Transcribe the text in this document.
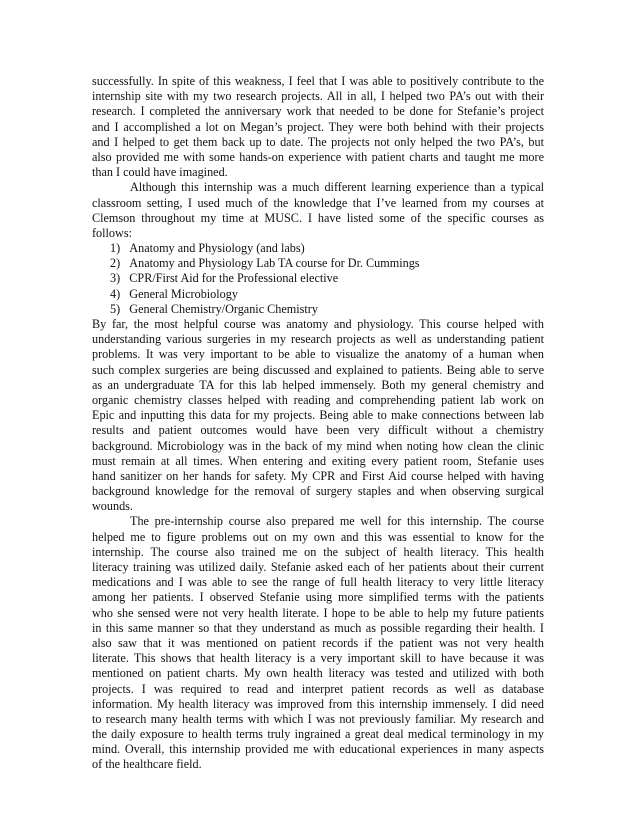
successfully. In spite of this weakness, I feel that I was able to positively contribute to the
internship site with my two research projects. All in all, I helped two PA’s out with their
research. I completed the anniversary work that needed to be done for Stefanie’s project
and I accomplished a lot on Megan’s project. They were both behind with their projects
and I helped to get them back up to date. The projects not only helped the two PA’s, but
also provided me with some hands-on experience with patient charts and taught me more
than I could have imagined.
Although this internship was a much different learning experience than a typical
classroom setting, I used much of the knowledge that I’ve learned from my courses at
Clemson throughout my time at MUSC. I have listed some of the specific courses as
follows:
1)   Anatomy and Physiology (and labs)
2)   Anatomy and Physiology Lab TA course for Dr. Cummings
3)   CPR/First Aid for the Professional elective
4)   General Microbiology
5)   General Chemistry/Organic Chemistry
By far, the most helpful course was anatomy and physiology. This course helped with
understanding various surgeries in my research projects as well as understanding patient
problems. It was very important to be able to visualize the anatomy of a human when
such complex surgeries are being discussed and explained to patients. Being able to serve
as an undergraduate TA for this lab helped immensely. Both my general chemistry and
organic chemistry classes helped with reading and comprehending patient lab work on
Epic and inputting this data for my projects. Being able to make connections between lab
results and patient outcomes would have been very difficult without a chemistry
background. Microbiology was in the back of my mind when noting how clean the clinic
must remain at all times. When entering and exiting every patient room, Stefanie uses
hand sanitizer on her hands for safety. My CPR and First Aid course helped with having
background knowledge for the removal of surgery staples and when observing surgical
wounds.
The pre-internship course also prepared me well for this internship. The course
helped me to figure problems out on my own and this was essential to know for the
internship. The course also trained me on the subject of health literacy. This health
literacy training was utilized daily. Stefanie asked each of her patients about their current
medications and I was able to see the range of full health literacy to very little literacy
among her patients. I observed Stefanie using more simplified terms with the patients
who she sensed were not very health literate. I hope to be able to help my future patients
in this same manner so that they understand as much as possible regarding their health. I
also saw that it was mentioned on patient records if the patient was not very health
literate. This shows that health literacy is a very important skill to have because it was
mentioned on patient charts. My own health literacy was tested and utilized with both
projects. I was required to read and interpret patient records as well as database
information. My health literacy was improved from this internship immensely. I did need
to research many health terms with which I was not previously familiar. My research and
the daily exposure to health terms truly ingrained a great deal medical terminology in my
mind. Overall, this internship provided me with educational experiences in many aspects
of the healthcare field.
